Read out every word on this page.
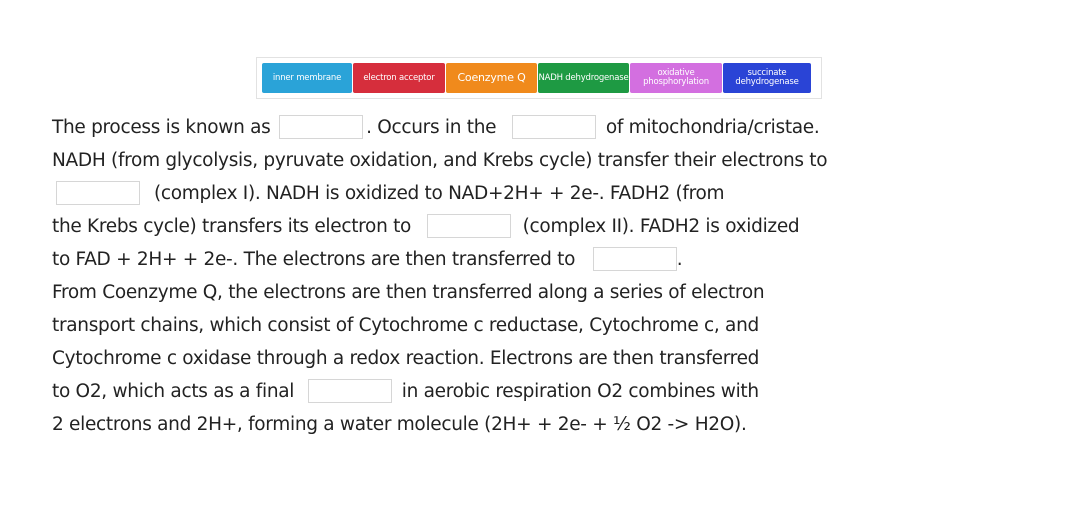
inner membrane	electron acceptor	Coenzyme Q	NADH dehydrogenase	oxidative phosphorylation
succinate dehydrogenase
The process is known as	. Occurs in the	of mitochondria/cristae.
NADH (from glycolysis, pyruvate oxidation, and Krebs cycle) transfer their electrons to
(complex I). NADH is oxidized to NAD+2H+ + 2e-. FADH2 (from
the Krebs cycle) transfers its electron to	(complex II). FADH2 is oxidized
to FAD + 2H+ + 2e-. The electrons are then transferred to	.
From Coenzyme Q, the electrons are then transferred along a series of electron
transport chains, which consist of Cytochrome c reductase, Cytochrome c, and
Cytochrome c oxidase through a redox reaction. Electrons are then transferred
to O2, which acts as a final	in aerobic respiration O2 combines with
2 electrons and 2H+, forming a water molecule (2H+ + 2e- + ½ O2 -> H2O).
